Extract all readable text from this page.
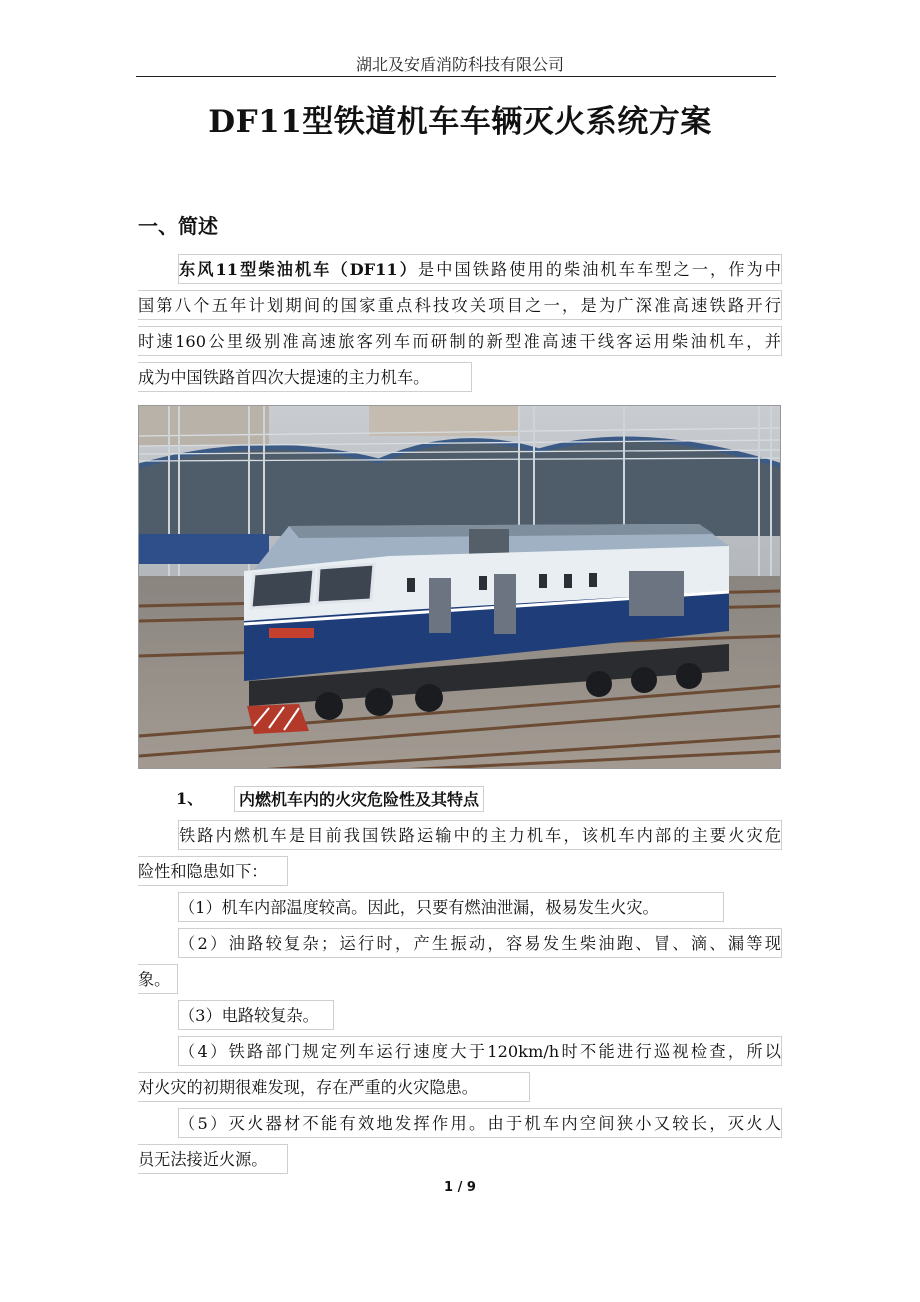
湖北及安盾消防科技有限公司
DF11型铁道机车车辆灭火系统方案
一、简述
东风11型柴油机车（DF11）是中国铁路使用的柴油机车车型之一，作为中
国第八个五年计划期间的国家重点科技攻关项目之一，是为广深准高速铁路开行
时速160公里级别准高速旅客列车而研制的新型准高速干线客运用柴油机车，并
成为中国铁路首四次大提速的主力机车。
1、	内燃机车内的火灾危险性及其特点
铁路内燃机车是目前我国铁路运输中的主力机车，该机车内部的主要火灾危
险性和隐患如下：
（1）机车内部温度较高。因此，只要有燃油泄漏，极易发生火灾。
（2）油路较复杂；运行时，产生振动，容易发生柴油跑、冒、滴、漏等现
象。
（3）电路较复杂。
（4）铁路部门规定列车运行速度大于120km/h时不能进行巡视检查，所以
对火灾的初期很难发现，存在严重的火灾隐患。
（5）灭火器材不能有效地发挥作用。由于机车内空间狭小又较长，灭火人
员无法接近火源。
1 / 9
